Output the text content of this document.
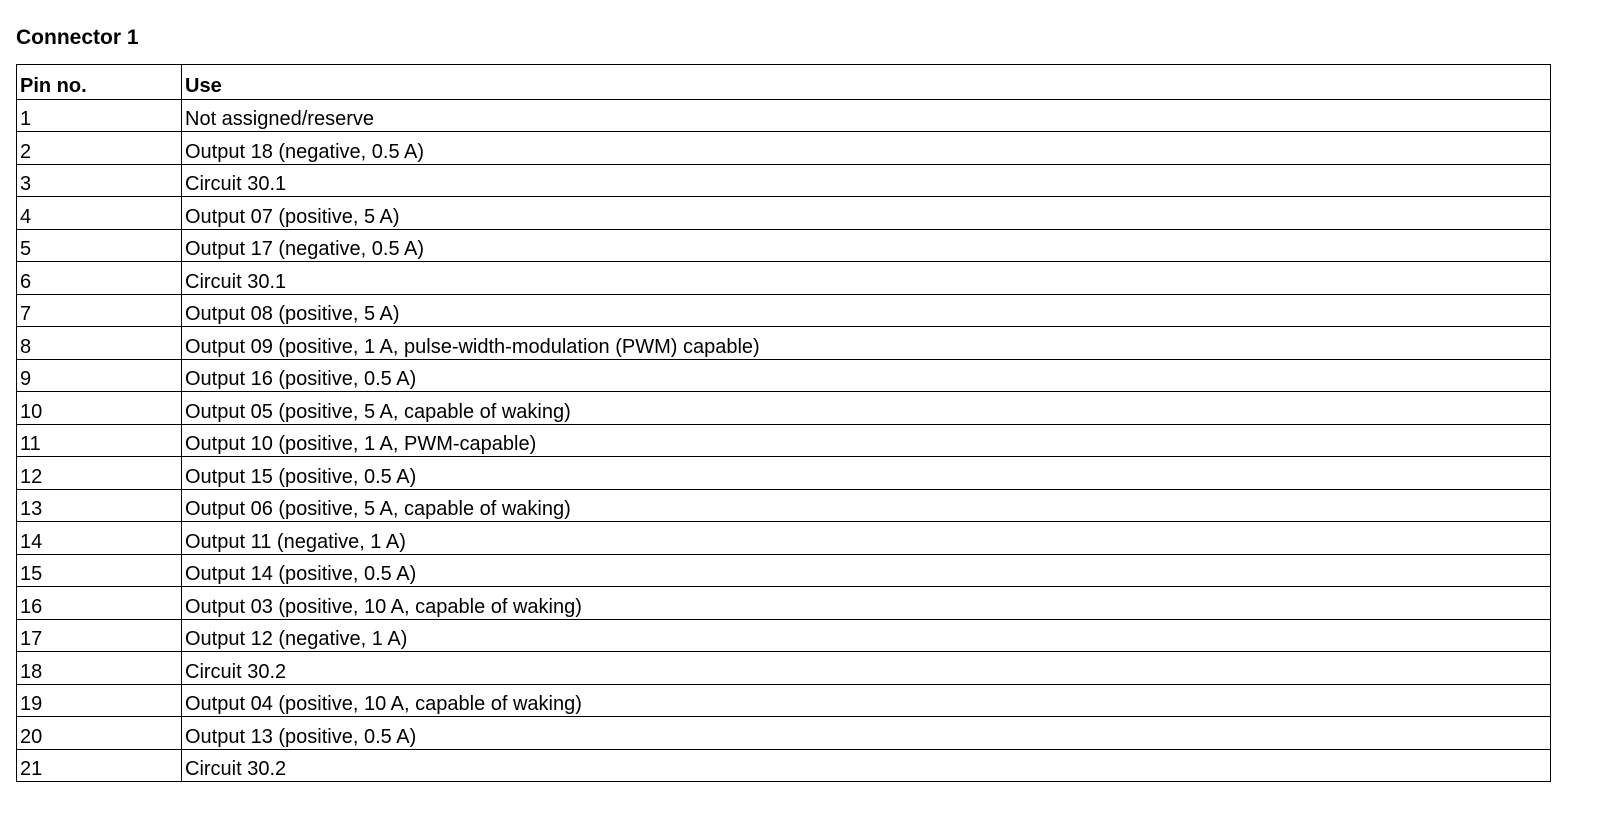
Connector 1
Pin no.	Use
1	Not assigned/reserve
2	Output 18 (negative, 0.5 A)
3	Circuit 30.1
4	Output 07 (positive, 5 A)
5	Output 17 (negative, 0.5 A)
6	Circuit 30.1
7	Output 08 (positive, 5 A)
8	Output 09 (positive, 1 A, pulse-width-modulation (PWM) capable)
9	Output 16 (positive, 0.5 A)
10	Output 05 (positive, 5 A, capable of waking)
11	Output 10 (positive, 1 A, PWM-capable)
12	Output 15 (positive, 0.5 A)
13	Output 06 (positive, 5 A, capable of waking)
14	Output 11 (negative, 1 A)
15	Output 14 (positive, 0.5 A)
16	Output 03 (positive, 10 A, capable of waking)
17	Output 12 (negative, 1 A)
18	Circuit 30.2
19	Output 04 (positive, 10 A, capable of waking)
20	Output 13 (positive, 0.5 A)
21	Circuit 30.2
